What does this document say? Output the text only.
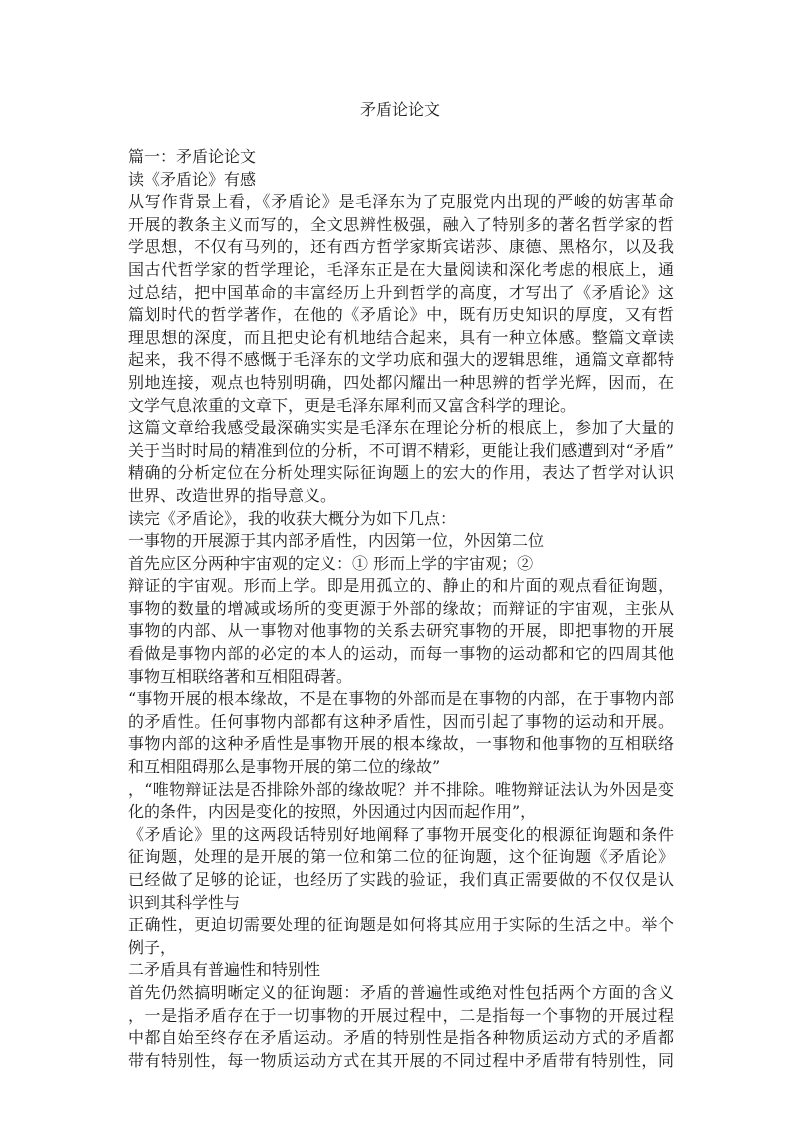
矛盾论论文
篇一：矛盾论论文
读《矛盾论》有感
从写作背景上看，《矛盾论》是毛泽东为了克服党内出现的严峻的妨害革命
开展的教条主义而写的，全文思辨性极强，融入了特别多的著名哲学家的哲
学思想，不仅有马列的，还有西方哲学家斯宾诺莎、康德、黑格尔，以及我
国古代哲学家的哲学理论，毛泽东正是在大量阅读和深化考虑的根底上，通
过总结，把中国革命的丰富经历上升到哲学的高度，才写出了《矛盾论》这
篇划时代的哲学著作，在他的《矛盾论》中，既有历史知识的厚度，又有哲
理思想的深度，而且把史论有机地结合起来，具有一种立体感。整篇文章读
起来，我不得不感慨于毛泽东的文学功底和强大的逻辑思维，通篇文章都特
别地连接，观点也特别明确，四处都闪耀出一种思辨的哲学光辉，因而，在
文学气息浓重的文章下，更是毛泽东犀利而又富含科学的理论。
这篇文章给我感受最深确实实是毛泽东在理论分析的根底上，参加了大量的
关于当时时局的精准到位的分析，不可谓不精彩，更能让我们感遭到对“矛盾”
精确的分析定位在分析处理实际征询题上的宏大的作用，表达了哲学对认识
世界、改造世界的指导意义。
读完《矛盾论》，我的收获大概分为如下几点：
一事物的开展源于其内部矛盾性，内因第一位，外因第二位
首先应区分两种宇宙观的定义：① 形而上学的宇宙观；②
辩证的宇宙观。形而上学。即是用孤立的、静止的和片面的观点看征询题，
事物的数量的增减或场所的变更源于外部的缘故；而辩证的宇宙观，主张从
事物的内部、从一事物对他事物的关系去研究事物的开展，即把事物的开展
看做是事物内部的必定的本人的运动，而每一事物的运动都和它的四周其他
事物互相联络著和互相阻碍著。
“事物开展的根本缘故，不是在事物的外部而是在事物的内部，在于事物内部
的矛盾性。任何事物内部都有这种矛盾性，因而引起了事物的运动和开展。
事物内部的这种矛盾性是事物开展的根本缘故，一事物和他事物的互相联络
和互相阻碍那么是事物开展的第二位的缘故”
，“唯物辩证法是否排除外部的缘故呢？并不排除。唯物辩证法认为外因是变
化的条件，内因是变化的按照，外因通过内因而起作用”，
《矛盾论》里的这两段话特别好地阐释了事物开展变化的根源征询题和条件
征询题，处理的是开展的第一位和第二位的征询题，这个征询题《矛盾论》
已经做了足够的论证，也经历了实践的验证，我们真正需要做的不仅仅是认
识到其科学性与
正确性，更迫切需要处理的征询题是如何将其应用于实际的生活之中。举个
例子，
二矛盾具有普遍性和特别性
首先仍然搞明晰定义的征询题：矛盾的普遍性或绝对性包括两个方面的含义
，一是指矛盾存在于一切事物的开展过程中，二是指每一个事物的开展过程
中都自始至终存在矛盾运动。矛盾的特别性是指各种物质运动方式的矛盾都
带有特别性，每一物质运动方式在其开展的不同过程中矛盾带有特别性，同
